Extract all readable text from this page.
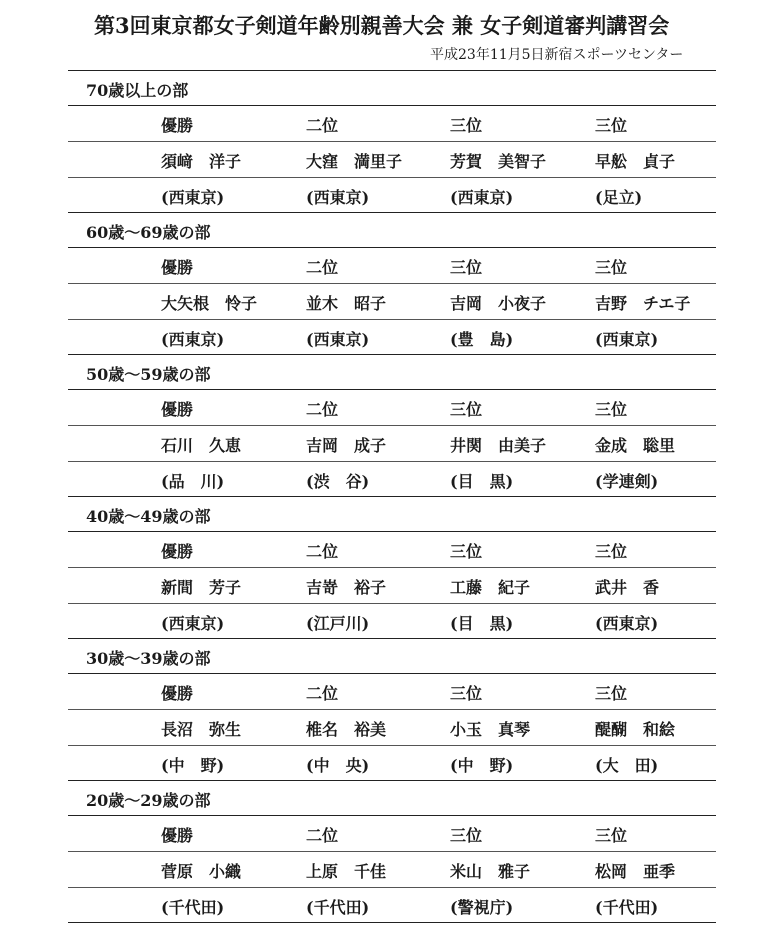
第3回東京都女子剣道年齢別親善大会 兼 女子剣道審判講習会
平成23年11月5日新宿スポーツセンター
70歳以上の部
優勝	二位	三位	三位
須﨑　洋子	大窪　満里子	芳賀　美智子	早舩　貞子
(西東京)	(西東京)	(西東京)	(足立)
60歳～69歳の部
優勝	二位	三位	三位
大矢根　怜子	並木　昭子	吉岡　小夜子	吉野　チエ子
(西東京)	(西東京)	(豊　島)	(西東京)
50歳～59歳の部
優勝	二位	三位	三位
石川　久恵	吉岡　成子	井関　由美子	金成　聡里
(品　川)	(渋　谷)	(目　黒)	(学連剣)
40歳～49歳の部
優勝	二位	三位	三位
新間　芳子	吉嵜　裕子	工藤　紀子	武井　香
(西東京)	(江戸川)	(目　黒)	(西東京)
30歳～39歳の部
優勝	二位	三位	三位
長沼　弥生	椎名　裕美	小玉　真琴	醍醐　和絵
(中　野)	(中　央)	(中　野)	(大　田)
20歳～29歳の部
優勝	二位	三位	三位
菅原　小織	上原　千佳	米山　雅子	松岡　亜季
(千代田)	(千代田)	(警視庁)	(千代田)
